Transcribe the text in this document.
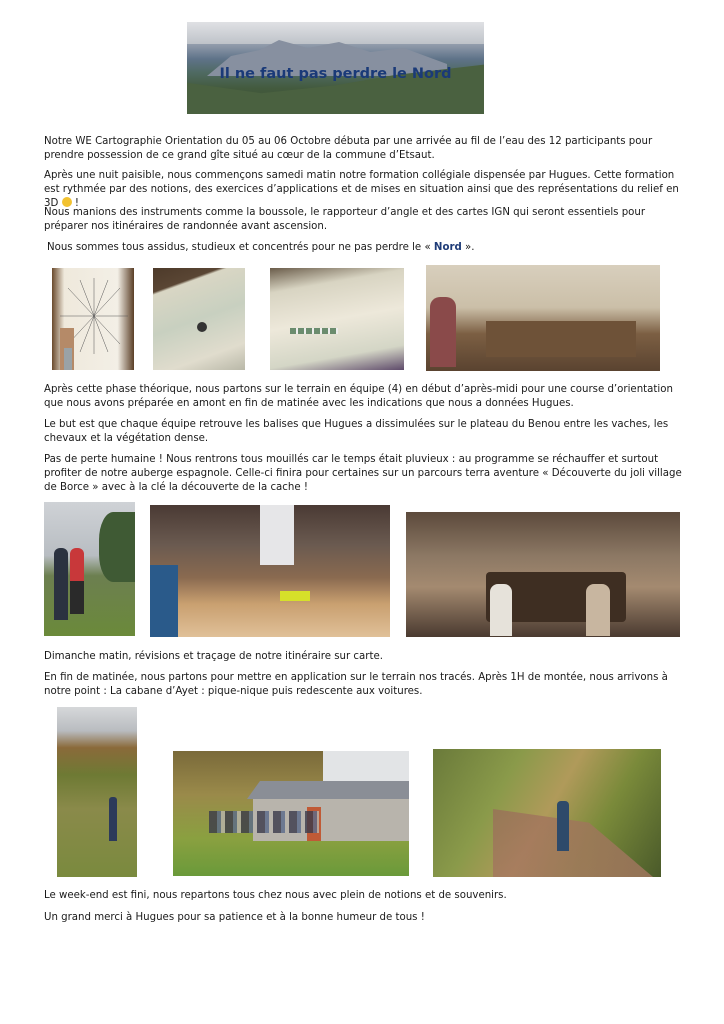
Il ne faut pas perdre le Nord

Notre WE Cartographie Orientation du 05 au 06 Octobre débuta par une arrivée au fil de l’eau des 12 participants pour prendre possession de ce grand gîte situé au cœur de la commune d’Etsaut.

Après une nuit paisible, nous commençons samedi matin notre formation collégiale dispensée par Hugues. Cette formation est rythmée par des notions, des exercices d’applications et de mises en situation ainsi que des représentations du relief en 3D  !

Nous manions des instruments comme la boussole, le rapporteur d’angle et des cartes IGN qui seront essentiels pour préparer nos itinéraires de randonnée avant ascension.

Nous sommes tous assidus, studieux et concentrés pour ne pas perdre le « Nord ».

Après cette phase théorique, nous partons sur le terrain en équipe (4) en début d’après-midi pour une course d’orientation que nous avons préparée en amont en fin de matinée avec les indications que nous a données Hugues.

Le but est que chaque équipe retrouve les balises que Hugues a dissimulées sur le plateau du Benou entre les vaches, les chevaux et la végétation dense.

Pas de perte humaine ! Nous rentrons tous mouillés car le temps était pluvieux : au programme se réchauffer et surtout profiter de notre auberge espagnole. Celle-ci finira pour certaines sur un parcours terra aventure « Découverte du joli village de Borce » avec à la clé la découverte de la cache !

Dimanche matin, révisions et traçage de notre itinéraire sur carte.

En fin de matinée, nous partons pour mettre en application sur le terrain nos tracés. Après 1H de montée, nous arrivons à notre point : La cabane d’Ayet : pique-nique puis redescente aux voitures.

Le week-end est fini, nous repartons tous chez nous avec plein de notions et de souvenirs.

Un grand merci à Hugues pour sa patience et à la bonne humeur de tous !
